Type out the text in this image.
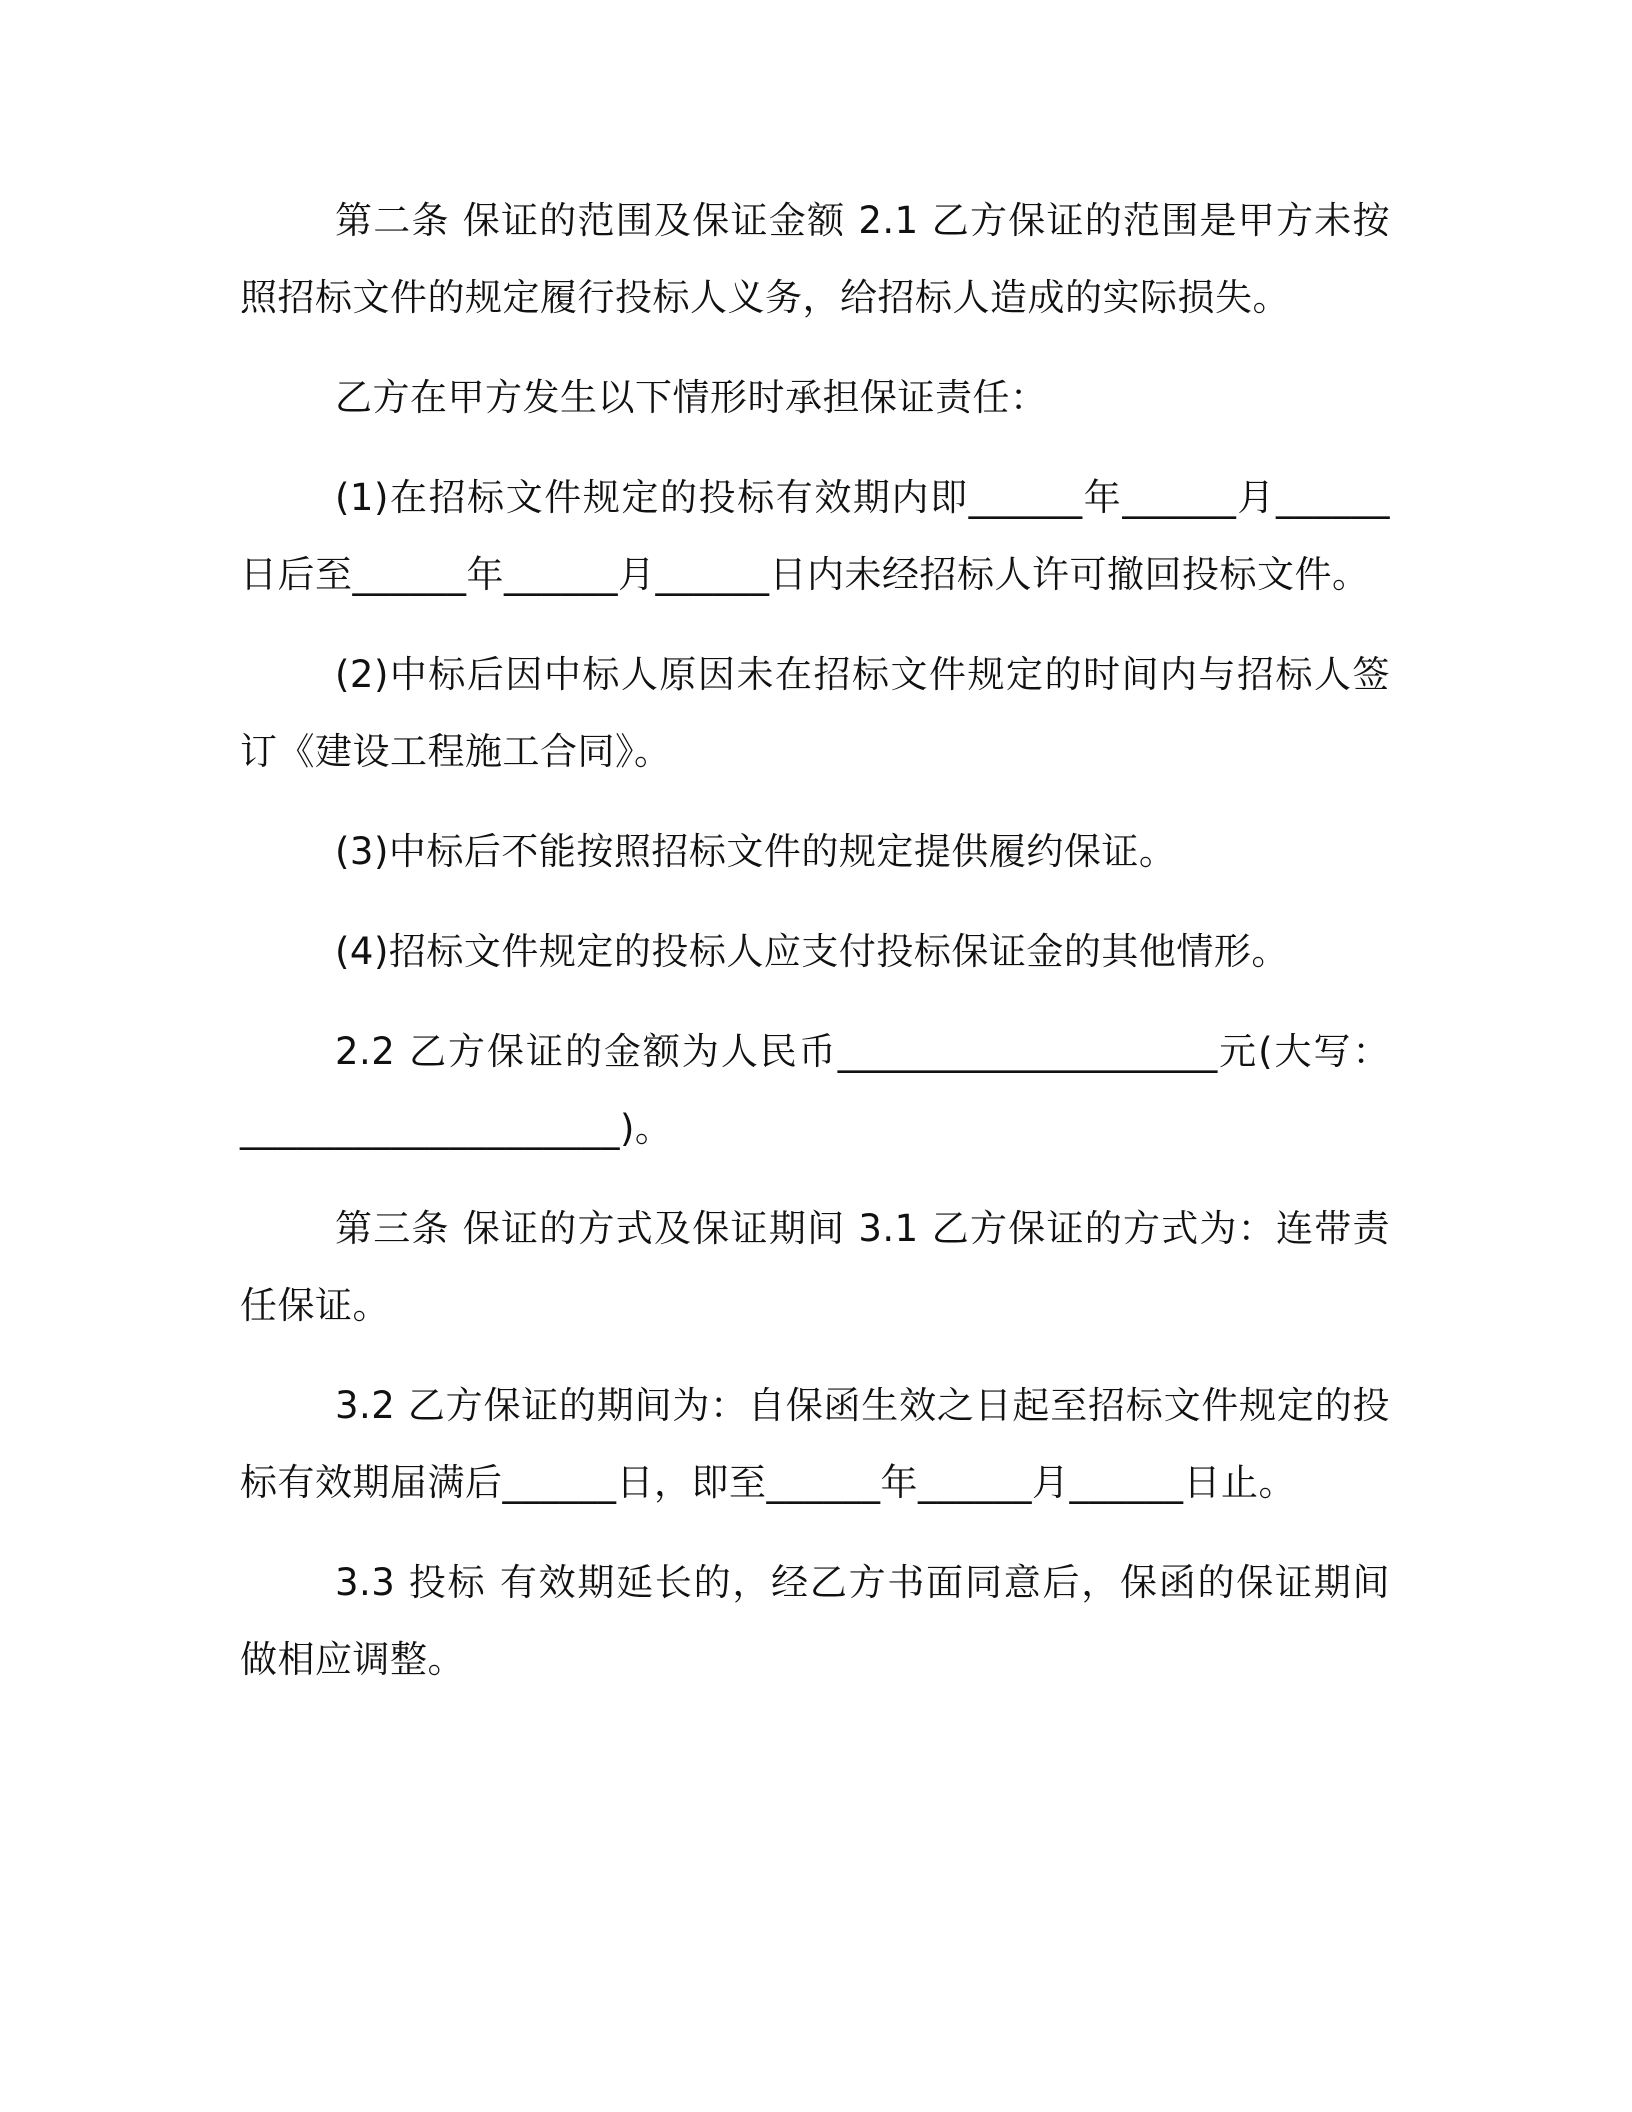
第二条 保证的范围及保证金额 2.1 乙方保证的范围是甲方未按照招标文件的规定履行投标人义务，给招标人造成的实际损失。

乙方在甲方发生以下情形时承担保证责任：

(1)在招标文件规定的投标有效期内即______年______月______日后至______年______月______日内未经招标人许可撤回投标文件。

(2)中标后因中标人原因未在招标文件规定的时间内与招标人签订《建设工程施工合同》。

(3)中标后不能按照招标文件的规定提供履约保证。

(4)招标文件规定的投标人应支付投标保证金的其他情形。

2.2 乙方保证的金额为人民币____________________元(大写：____________________)。

第三条 保证的方式及保证期间 3.1 乙方保证的方式为：连带责任保证。

3.2 乙方保证的期间为：自保函生效之日起至招标文件规定的投标有效期届满后______日，即至______年______月______日止。

3.3 投标 有效期延长的，经乙方书面同意后，保函的保证期间做相应调整。
